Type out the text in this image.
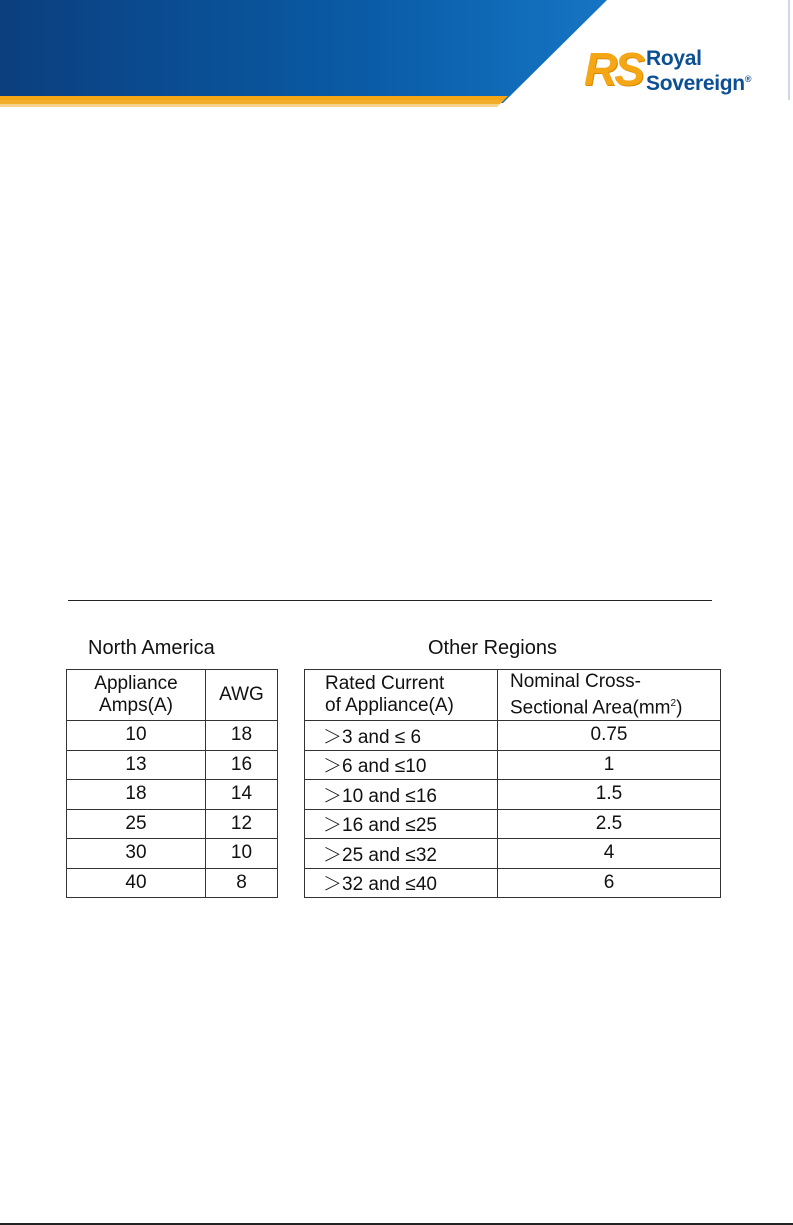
RS Royal
Sovereign®
North America	Other Regions
Appliance
Amps(A)	AWG
10	18
13	16
18	14
25	12
30	10
40	8
Rated Current
of Appliance(A)	Nominal Cross-
Sectional $Area(mm^2)$
＞3 and ≤ 6	0.75
＞6 and ≤10	1
＞10 and ≤16	1.5
＞16 and ≤25	2.5
＞25 and ≤32	4
＞32 and ≤40	6
